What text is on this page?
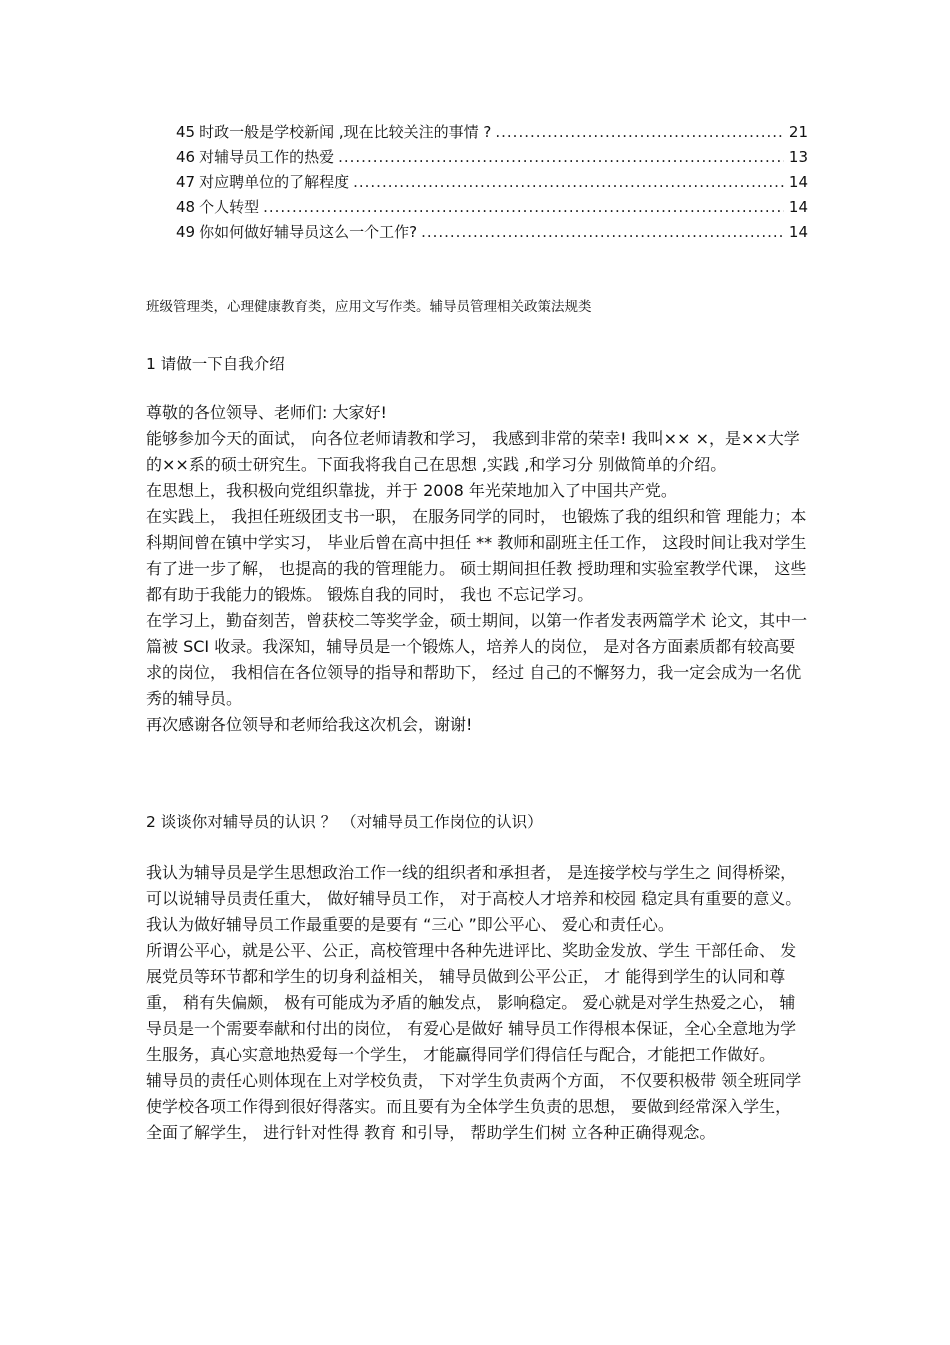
45 时政一般是学校新闻 ,现在比较关注的事情 ? .....	21
46 对辅导员工作的热爱 .....	13
47 对应聘单位的了解程度 .....	14
48 个人转型 .....	14
49 你如何做好辅导员这么一个工作? .....	14
班级管理类，心理健康教育类，应用文写作类。辅导员管理相关政策法规类
1 请做一下自我介绍

尊敬的各位领导、老师们: 大家好!

能够参加今天的面试， 向各位老师请教和学习， 我感到非常的荣幸! 我叫×× ×，是××大学的××系的硕士研究生。下面我将我自己在思想 ,实践 ,和学习分 别做简单的介绍。

在思想上，我积极向党组织靠拢，并于 2008 年光荣地加入了中国共产党。

在实践上， 我担任班级团支书一职， 在服务同学的同时， 也锻炼了我的组织和管 理能力；本科期间曾在镇中学实习， 毕业后曾在高中担任 ** 教师和副班主任工作， 这段时间让我对学生有了进一步了解， 也提高的我的管理能力。 硕士期间担任教 授助理和实验室教学代课， 这些都有助于我能力的锻炼。 锻炼自我的同时， 我也 不忘记学习。

在学习上，勤奋刻苦，曾获校二等奖学金，硕士期间，以第一作者发表两篇学术 论文，其中一篇被 SCI 收录。我深知，辅导员是一个锻炼人，培养人的岗位， 是对各方面素质都有较高要求的岗位， 我相信在各位领导的指导和帮助下， 经过 自己的不懈努力，我一定会成为一名优秀的辅导员。

再次感谢各位领导和老师给我这次机会，谢谢!

2 谈谈你对辅导员的认识 ？ （对辅导员工作岗位的认识）

我认为辅导员是学生思想政治工作一线的组织者和承担者， 是连接学校与学生之 间得桥梁， 可以说辅导员责任重大， 做好辅导员工作， 对于高校人才培养和校园 稳定具有重要的意义。我认为做好辅导员工作最重要的是要有 “三心 ”即公平心、 爱心和责任心。

所谓公平心，就是公平、公正，高校管理中各种先进评比、奖助金发放、学生 干部任命、 发展党员等环节都和学生的切身利益相关， 辅导员做到公平公正， 才 能得到学生的认同和尊重， 稍有失偏颇， 极有可能成为矛盾的触发点， 影响稳定。 爱心就是对学生热爱之心， 辅导员是一个需要奉献和付出的岗位， 有爱心是做好 辅导员工作得根本保证，全心全意地为学生服务，真心实意地热爱每一个学生， 才能赢得同学们得信任与配合，才能把工作做好。

辅导员的责任心则体现在上对学校负责， 下对学生负责两个方面， 不仅要积极带 领全班同学使学校各项工作得到很好得落实。而且要有为全体学生负责的思想， 要做到经常深入学生， 全面了解学生， 进行针对性得 教育 和引导， 帮助学生们树 立各种正确得观念。
